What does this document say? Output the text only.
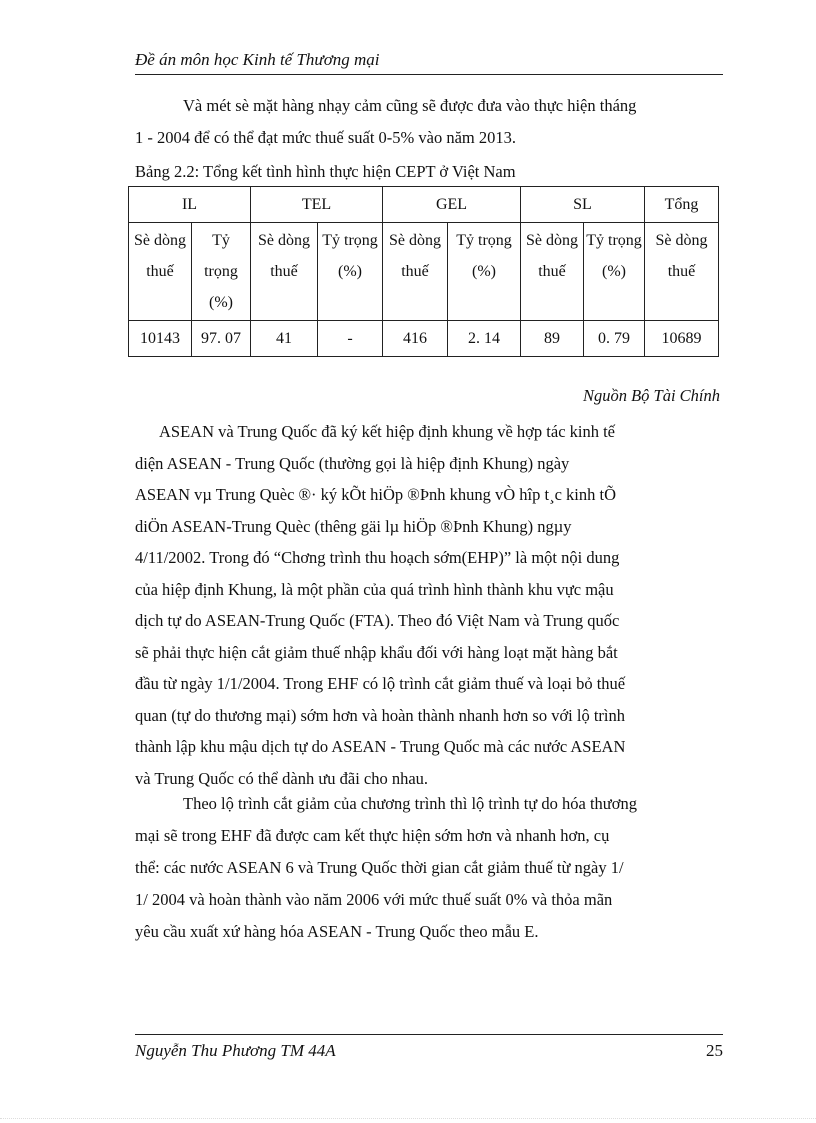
Đề án môn học Kinh tế Thương mại

Và mét sè mặt hàng nhạy cảm cũng sẽ được đưa vào thực hiện tháng
1 - 2004 để có thể đạt mức thuế suất 0-5% vào năm 2013.

Bảng 2.2: Tổng kết tình hình thực hiện CEPT ở Việt Nam
IL		TEL		GEL		SL		Tổng
Sè dòng thuế	Tỷ trọng (%)	Sè dòng thuế	Tỷ trọng (%)	Sè dòng thuế	Tỷ trọng (%)	Sè dòng thuế	Tỷ trọng (%)	Sè dòng thuế
10143	97. 07	41	-	416	2. 14	89	0. 79	10689
Nguồn Bộ Tài Chính

ASEAN và Trung Quốc đã ký kết hiệp định khung về hợp tác kinh tế
diện ASEAN - Trung Quốc (thường gọi là hiệp định Khung) ngày
ASEAN vµ Trung Quèc ®· ký kÕt hiÖp ®Þnh khung vÒ hîp t¸c kinh tÕ
diÖn ASEAN-Trung Quèc (thêng gäi lµ hiÖp ®Þnh Khung) ngµy
4/11/2002. Trong đó “Chơng trình thu hoạch sớm(EHP)” là một nội dung
của hiệp định Khung, là một phần của quá trình hình thành khu vực mậu
dịch tự do ASEAN-Trung Quốc (FTA). Theo đó Việt Nam và Trung quốc
sẽ phải thực hiện cắt giảm thuế nhập khẩu đối với hàng loạt mặt hàng bắt
đầu từ ngày 1/1/2004. Trong EHF có lộ trình cắt giảm thuế và loại bỏ thuế
quan (tự do thương mại) sớm hơn và hoàn thành nhanh hơn so với lộ trình
thành lập khu mậu dịch tự do ASEAN - Trung Quốc mà các nước ASEAN
và Trung Quốc có thể dành ưu đãi cho nhau.

Theo lộ trình cắt giảm của chương trình thì lộ trình tự do hóa thương
mại sẽ trong EHF đã được cam kết thực hiện sớm hơn và nhanh hơn, cụ
thể: các nước ASEAN 6 và Trung Quốc thời gian cắt giảm thuế từ ngày 1/
1/ 2004 và hoàn thành vào năm 2006 với mức thuế suất 0% và thỏa mãn
yêu cầu xuất xứ hàng hóa ASEAN - Trung Quốc theo mẫu E.

Nguyễn Thu Phương TM 44A	25
